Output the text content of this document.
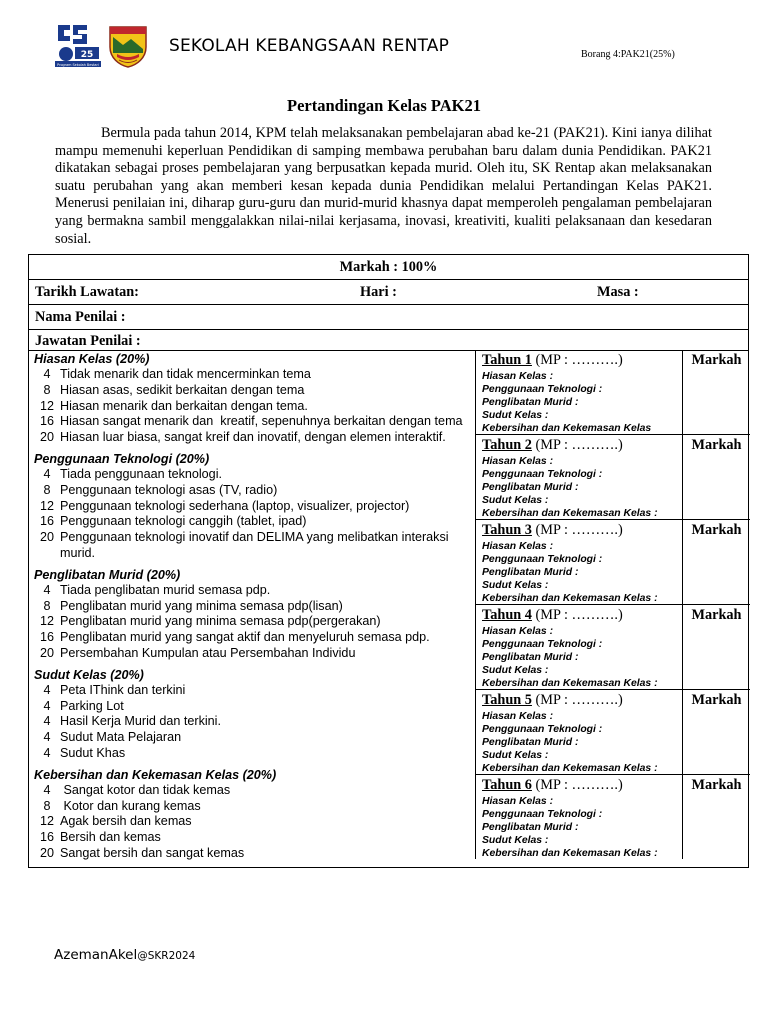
25
Program Sekolah Bestari
SEKOLAH KEBANGSAAN RENTAP	Borang 4:PAK21(25%)
Pertandingan Kelas PAK21

Bermula pada tahun 2014, KPM telah melaksanakan pembelajaran abad ke-21 (PAK21). Kini ianya dilihat mampu memenuhi keperluan Pendidikan di samping membawa perubahan baru dalam dunia Pendidikan. PAK21 dikatakan sebagai proses pembelajaran yang berpusatkan kepada murid. Oleh itu, SK Rentap akan melaksanakan suatu perubahan yang akan memberi kesan kepada dunia Pendidikan melalui Pertandingan Kelas PAK21. Menerusi penilaian ini, diharap guru-guru dan murid-murid khasnya dapat memperoleh pengalaman pembelajaran yang bermakna sambil menggalakkan nilai-nilai kerjasama, inovasi, kreativiti, kualiti pelaksanaan dan kesedaran sosial.

Markah : 100%
Tarikh Lawatan:	Hari :	Masa :
Nama Penilai :
Jawatan Penilai :
Hiasan Kelas (20%)
4 Tidak menarik dan tidak mencerminkan tema
8 Hiasan asas, sedikit berkaitan dengan tema
12 Hiasan menarik dan berkaitan dengan tema.
16 Hiasan sangat menarik dan  kreatif, sepenuhnya berkaitan dengan tema
20 Hiasan luar biasa, sangat kreif dan inovatif, dengan elemen interaktif.
Penggunaan Teknologi (20%)
4 Tiada penggunaan teknologi.
8 Penggunaan teknologi asas (TV, radio)
12 Penggunaan teknologi sederhana (laptop, visualizer, projector)
16 Penggunaan teknologi canggih (tablet, ipad)
20 Penggunaan teknologi inovatif dan DELIMA yang melibatkan interaksi murid.
Penglibatan Murid (20%)
4 Tiada penglibatan murid semasa pdp.
8 Penglibatan murid yang minima semasa pdp(lisan)
12 Penglibatan murid yang minima semasa pdp(pergerakan)
16 Penglibatan murid yang sangat aktif dan menyeluruh semasa pdp.
20 Persembahan Kumpulan atau Persembahan Individu
Sudut Kelas (20%)
4 Peta IThink dan terkini
4 Parking Lot
4 Hasil Kerja Murid dan terkini.
4 Sudut Mata Pelajaran
4 Sudut Khas
Kebersihan dan Kekemasan Kelas (20%)
4 Sangat kotor dan tidak kemas
8 Kotor dan kurang kemas
12 Agak bersih dan kemas
16 Bersih dan kemas
20 Sangat bersih dan sangat kemas
Tahun 1 (MP : ……….)
Hiasan Kelas :
Penggunaan Teknologi :
Penglibatan Murid :
Sudut Kelas :
Kebersihan dan Kekemasan Kelas
Markah
Tahun 2 (MP : ……….)
Hiasan Kelas :
Penggunaan Teknologi :
Penglibatan Murid :
Sudut Kelas :
Kebersihan dan Kekemasan Kelas :
Markah
Tahun 3 (MP : ……….)
Hiasan Kelas :
Penggunaan Teknologi :
Penglibatan Murid :
Sudut Kelas :
Kebersihan dan Kekemasan Kelas :
Markah
Tahun 4 (MP : ……….)
Hiasan Kelas :
Penggunaan Teknologi :
Penglibatan Murid :
Sudut Kelas :
Kebersihan dan Kekemasan Kelas :
Markah
Tahun 5 (MP : ……….)
Hiasan Kelas :
Penggunaan Teknologi :
Penglibatan Murid :
Sudut Kelas :
Kebersihan dan Kekemasan Kelas :
Markah
Tahun 6 (MP : ……….)
Hiasan Kelas :
Penggunaan Teknologi :
Penglibatan Murid :
Sudut Kelas :
Kebersihan dan Kekemasan Kelas :
Markah
AzemanAkel@SKR2024
